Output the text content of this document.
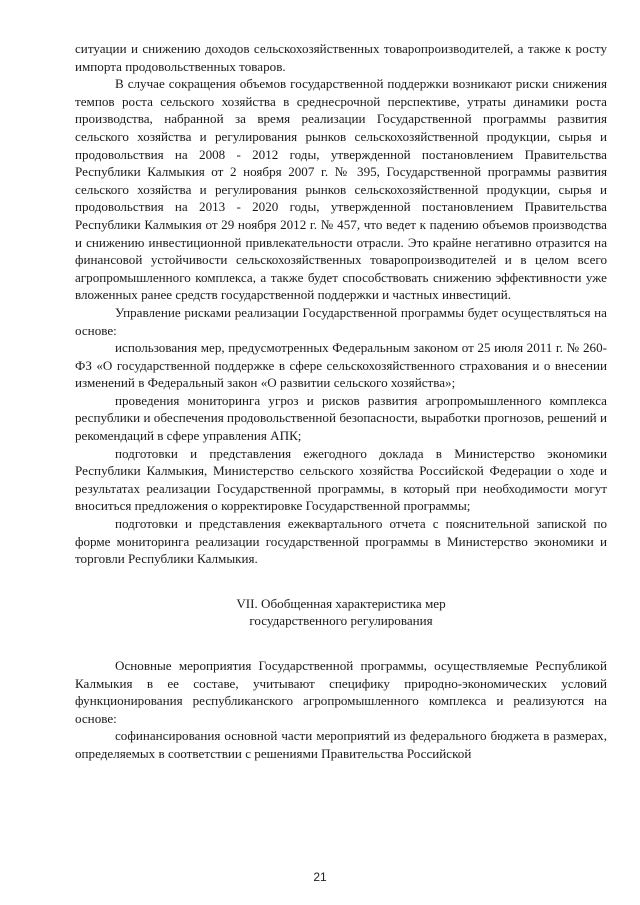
ситуации и снижению доходов сельскохозяйственных товаропроизводителей, а также к росту импорта продовольственных товаров.

В случае сокращения объемов государственной поддержки возникают риски снижения темпов роста сельского хозяйства в среднесрочной перспективе, утраты динамики роста производства, набранной за время реализации Государственной программы развития сельского хозяйства и регулирования рынков сельскохозяйственной продукции, сырья и продовольствия на 2008 - 2012 годы, утвержденной постановлением Правительства Республики Калмыкия от 2 ноября 2007 г. № 395, Государственной программы развития сельского хозяйства и регулирования рынков сельскохозяйственной продукции, сырья и продовольствия на 2013 - 2020 годы, утвержденной постановлением Правительства Республики Калмыкия от 29 ноября 2012 г. № 457, что ведет к падению объемов производства и снижению инвестиционной привлекательности отрасли. Это крайне негативно отразится на финансовой устойчивости сельскохозяйственных товаропроизводителей и в целом всего агропромышленного комплекса, а также будет способствовать снижению эффективности уже вложенных ранее средств государственной поддержки и частных инвестиций.

Управление рисками реализации Государственной программы будет осуществляться на основе:

использования мер, предусмотренных Федеральным законом от 25 июля 2011 г. № 260-ФЗ «О государственной поддержке в сфере сельскохозяйственного страхования и о внесении изменений в Федеральный закон «О развитии сельского хозяйства»;

проведения мониторинга угроз и рисков развития агропромышленного комплекса республики и обеспечения продовольственной безопасности, выработки прогнозов, решений и рекомендаций в сфере управления АПК;

подготовки и представления ежегодного доклада в Министерство экономики Республики Калмыкия, Министерство сельского хозяйства Российской Федерации о ходе и результатах реализации Государственной программы, в который при необходимости могут вноситься предложения о корректировке Государственной программы;

подготовки и представления ежеквартального отчета с пояснительной запиской по форме мониторинга реализации государственной программы в Министерство экономики и торговли Республики Калмыкия.

VII. Обобщенная характеристика мер
государственного регулирования

Основные мероприятия Государственной программы, осуществляемые Республикой Калмыкия в ее составе, учитывают специфику природно-экономических условий функционирования республиканского агропромышленного комплекса и реализуются на основе:

софинансирования основной части мероприятий из федерального бюджета в размерах, определяемых в соответствии с решениями Правительства Российской

21
